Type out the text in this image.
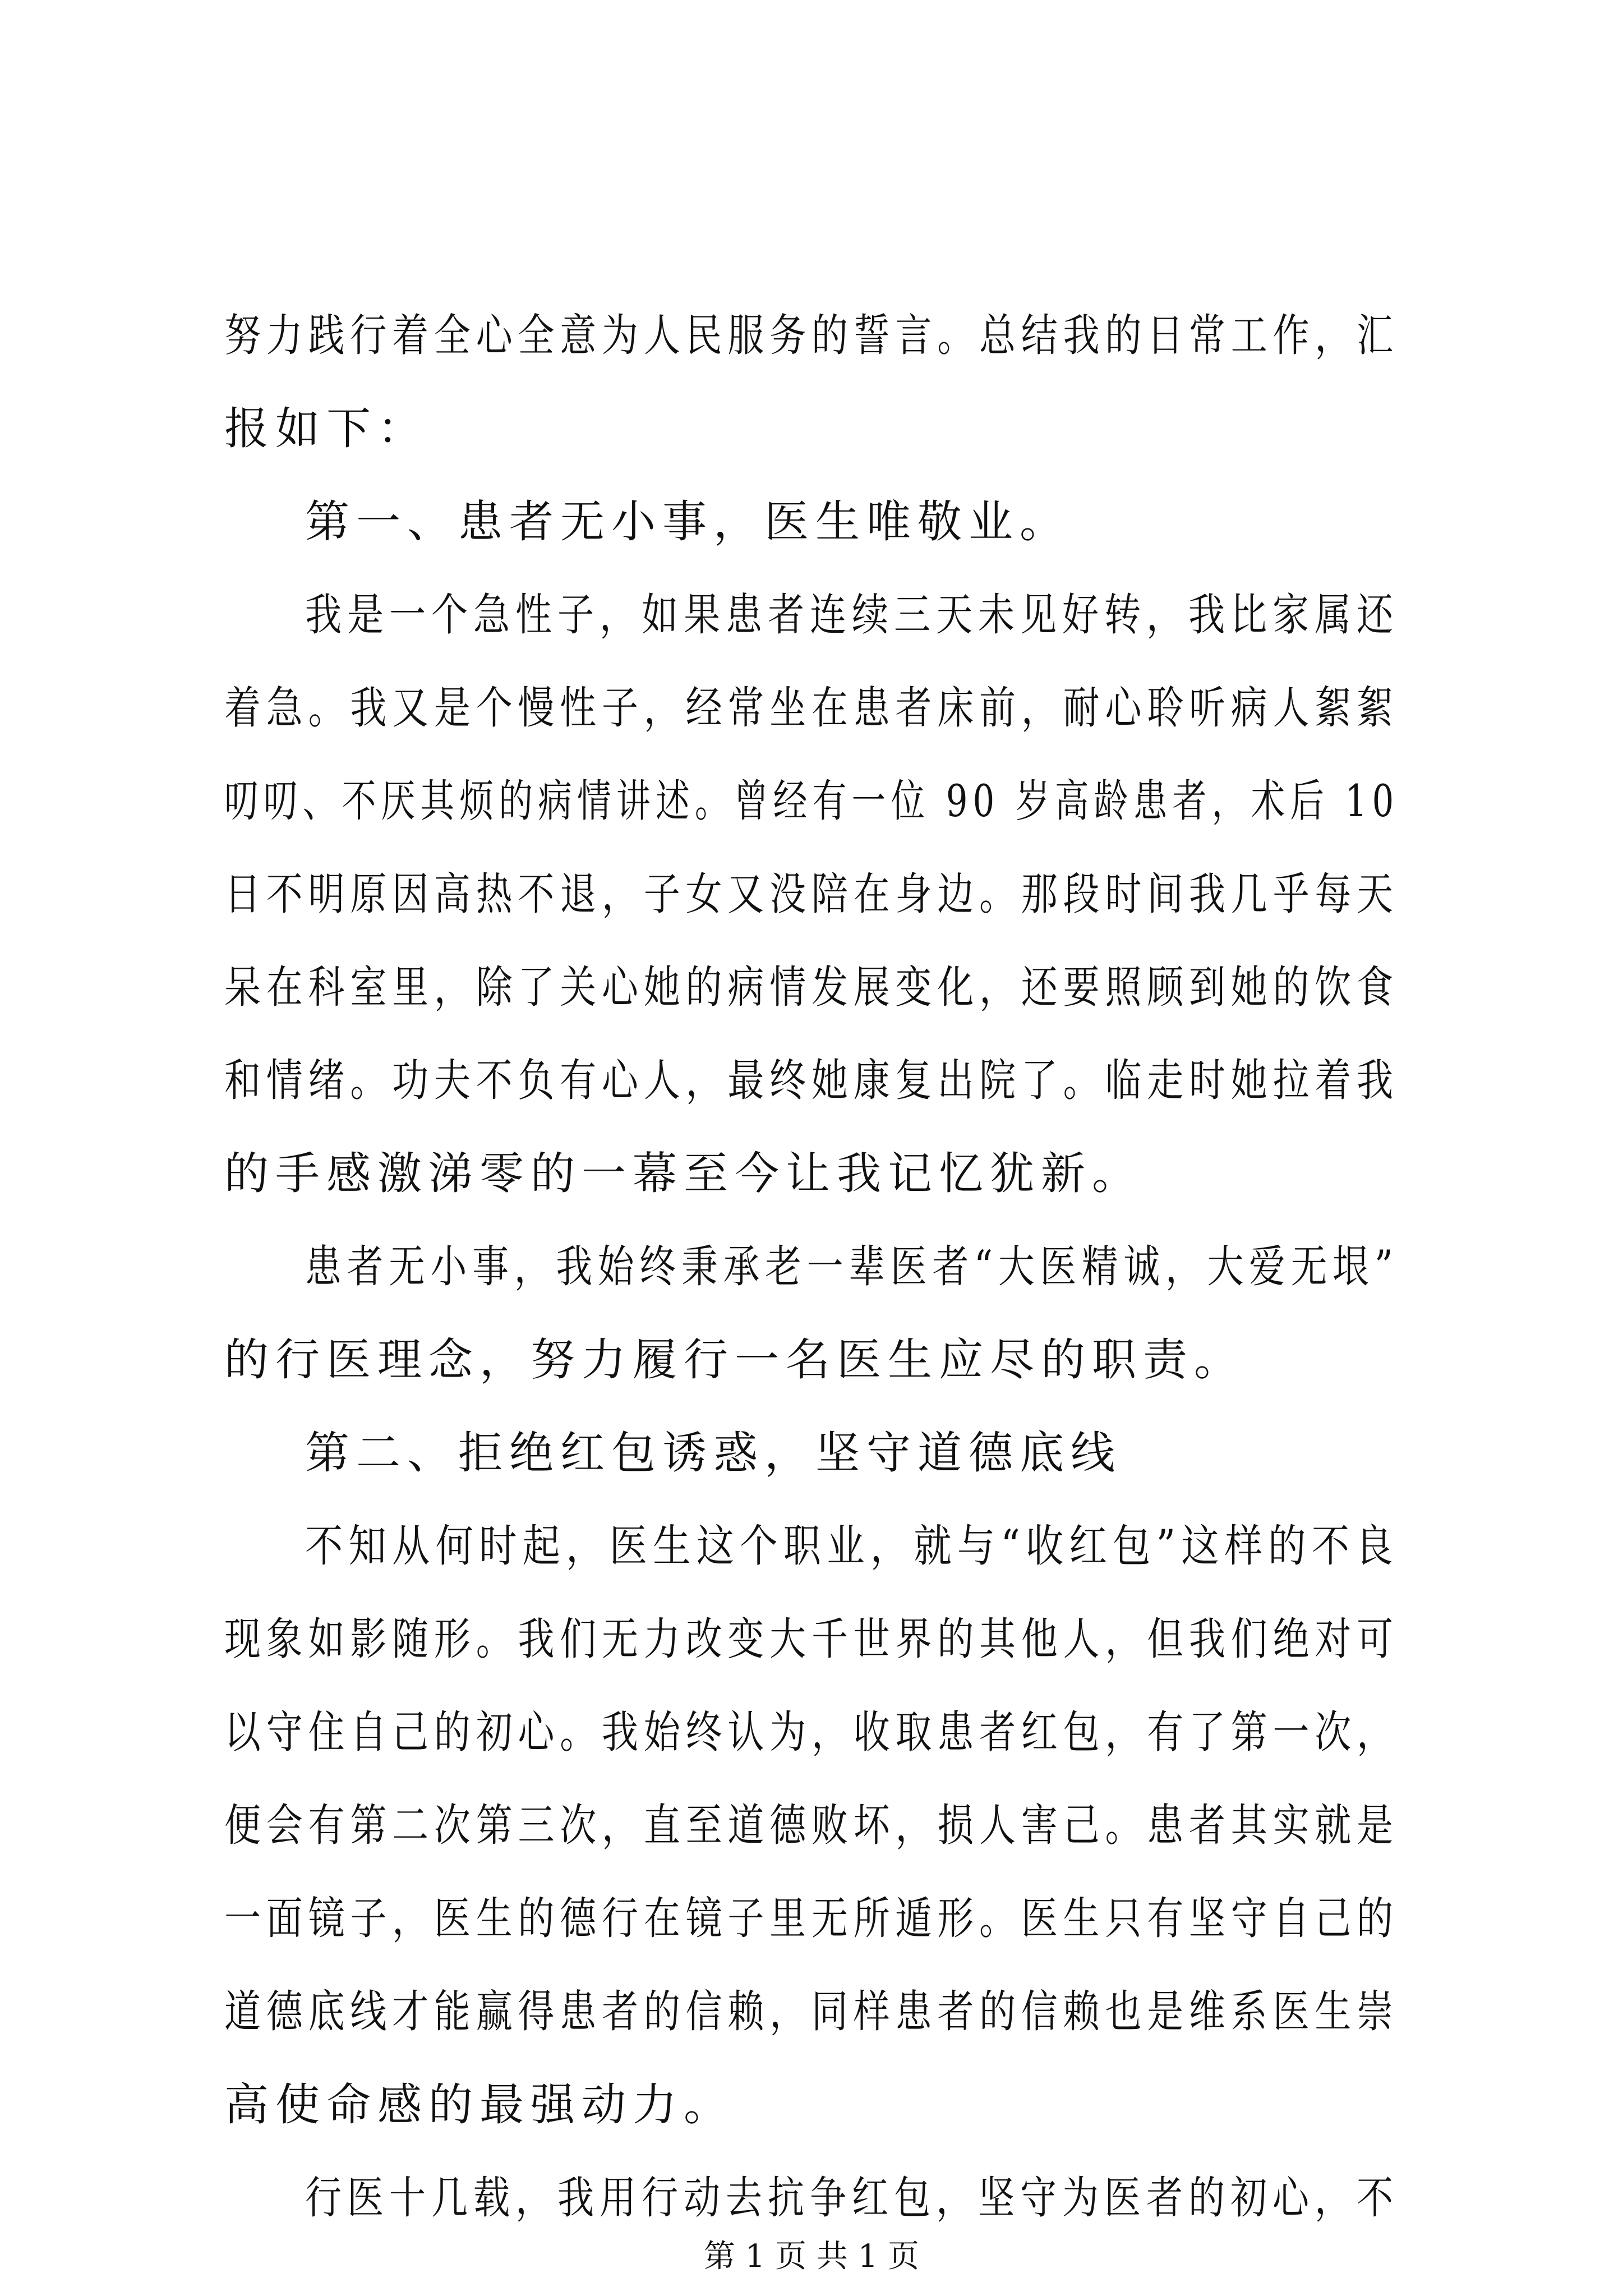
努力践行着全心全意为人民服务的誓言。总结我的日常工作，汇
报如下：
第一、患者无小事，医生唯敬业。
我是一个急性子，如果患者连续三天未见好转，我比家属还
着急。我又是个慢性子，经常坐在患者床前，耐心聆听病人絮絮
叨叨、不厌其烦的病情讲述。曾经有一位 90 岁高龄患者，术后 10
日不明原因高热不退，子女又没陪在身边。那段时间我几乎每天
呆在科室里，除了关心她的病情发展变化，还要照顾到她的饮食
和情绪。功夫不负有心人，最终她康复出院了。临走时她拉着我
的手感激涕零的一幕至今让我记忆犹新。
患者无小事，我始终秉承老一辈医者“大医精诚，大爱无垠”
的行医理念，努力履行一名医生应尽的职责。
第二、拒绝红包诱惑，坚守道德底线
不知从何时起，医生这个职业，就与“收红包”这样的不良
现象如影随形。我们无力改变大千世界的其他人，但我们绝对可
以守住自己的初心。我始终认为，收取患者红包，有了第一次，
便会有第二次第三次，直至道德败坏，损人害己。患者其实就是
一面镜子，医生的德行在镜子里无所遁形。医生只有坚守自己的
道德底线才能赢得患者的信赖，同样患者的信赖也是维系医生崇
高使命感的最强动力。
行医十几载，我用行动去抗争红包，坚守为医者的初心，不
第 1 页 共 1 页
